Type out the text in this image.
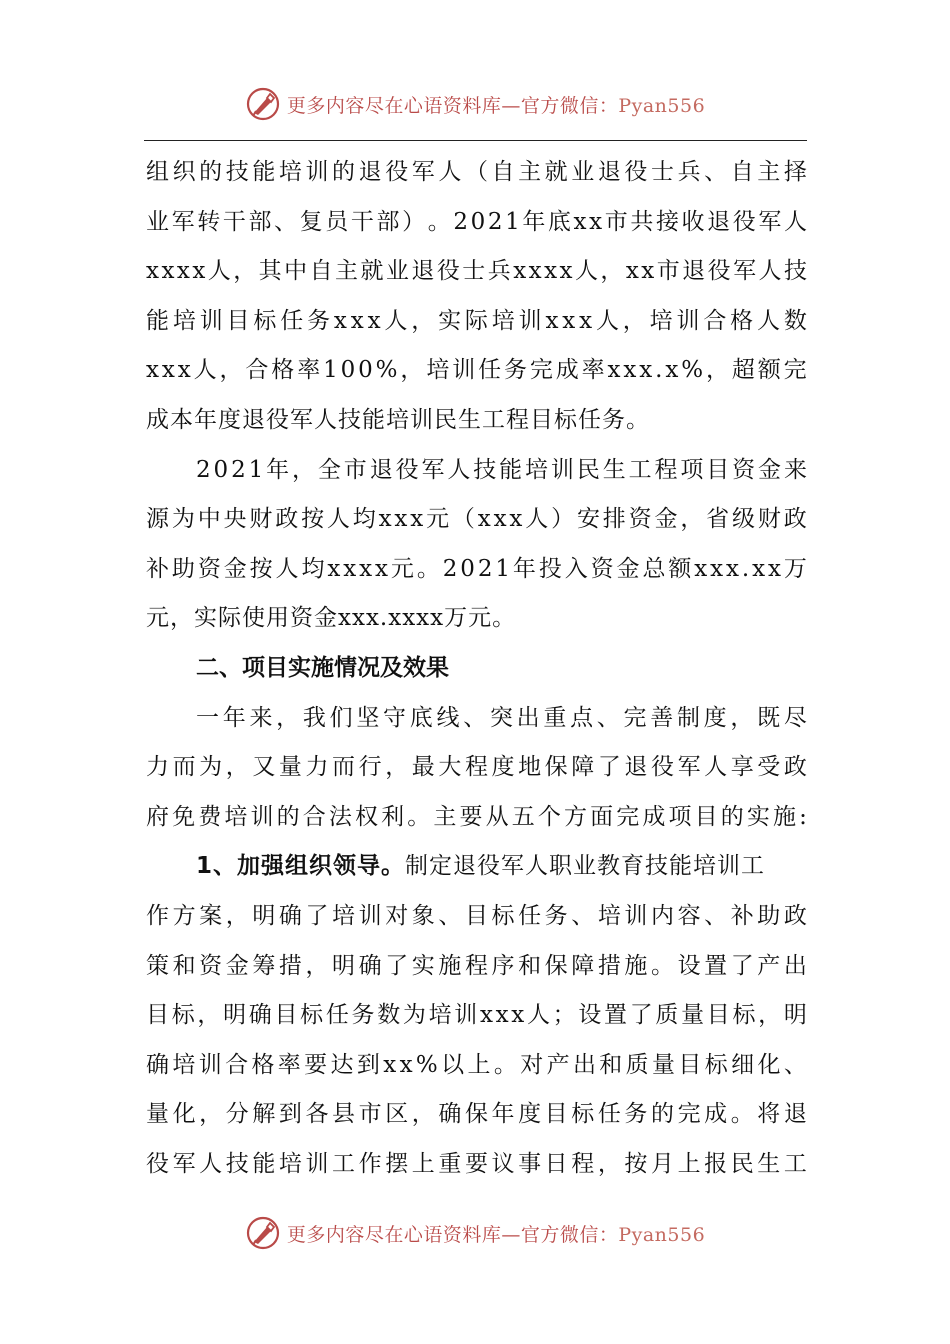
更多内容尽在心语资料库—官方微信：Pyan556
组 织 的 技 能 培 训 的 退 役 军 人 （ 自 主 就 业 退 役 士 兵 、 自 主 择
业 军 转 干 部 、 复 员 干 部 ） 。 2 0 2 1 年 底 x x 市 共 接 收 退 役 军 人
x x x x 人 ， 其 中 自 主 就 业 退 役 士 兵 x x x x 人 ， x x 市 退 役 军 人 技
能 培 训 目 标 任 务 x x x 人 ， 实 际 培 训 x x x 人 ， 培 训 合 格 人 数
x x x 人 ， 合 格 率 1 0 0 % ， 培 训 任 务 完 成 率 x x x . x % ， 超 额 完
成本年度退役军人技能培训民生工程目标任务。
2 0 2 1 年 ， 全 市 退 役 军 人 技 能 培 训 民 生 工 程 项 目 资 金 来
源 为 中 央 财 政 按 人 均 x x x 元 （ x x x 人 ） 安 排 资 金 ， 省 级 财 政
补 助 资 金 按 人 均 x x x x 元 。 2 0 2 1 年 投 入 资 金 总 额 x x x . x x 万
元，实际使用资金xxx.xxxx万元。
二、项目实施情况及效果
一 年 来 ， 我 们 坚 守 底 线 、 突 出 重 点 、 完 善 制 度 ， 既 尽
力 而 为 ， 又 量 力 而 行 ， 最 大 程 度 地 保 障 了 退 役 军 人 享 受 政
府 免 费 培 训 的 合 法 权 利 。 主 要 从 五 个 方 面 完 成 项 目 的 实 施 :
1、加强组织领导。 制定退役军人职业教育技能培训工
作 方 案 ， 明 确 了 培 训 对 象 、 目 标 任 务 、 培 训 内 容 、 补 助 政
策 和 资 金 筹 措 ， 明 确 了 实 施 程 序 和 保 障 措 施 。 设 置 了 产 出
目 标 ， 明 确 目 标 任 务 数 为 培 训 x x x 人 ； 设 置 了 质 量 目 标 ， 明
确 培 训 合 格 率 要 达 到 x x % 以 上 。 对 产 出 和 质 量 目 标 细 化 、
量 化 ， 分 解 到 各 县 市 区 ， 确 保 年 度 目 标 任 务 的 完 成 。 将 退
役 军 人 技 能 培 训 工 作 摆 上 重 要 议 事 日 程 ， 按 月 上 报 民 生 工
更多内容尽在心语资料库—官方微信：Pyan556
